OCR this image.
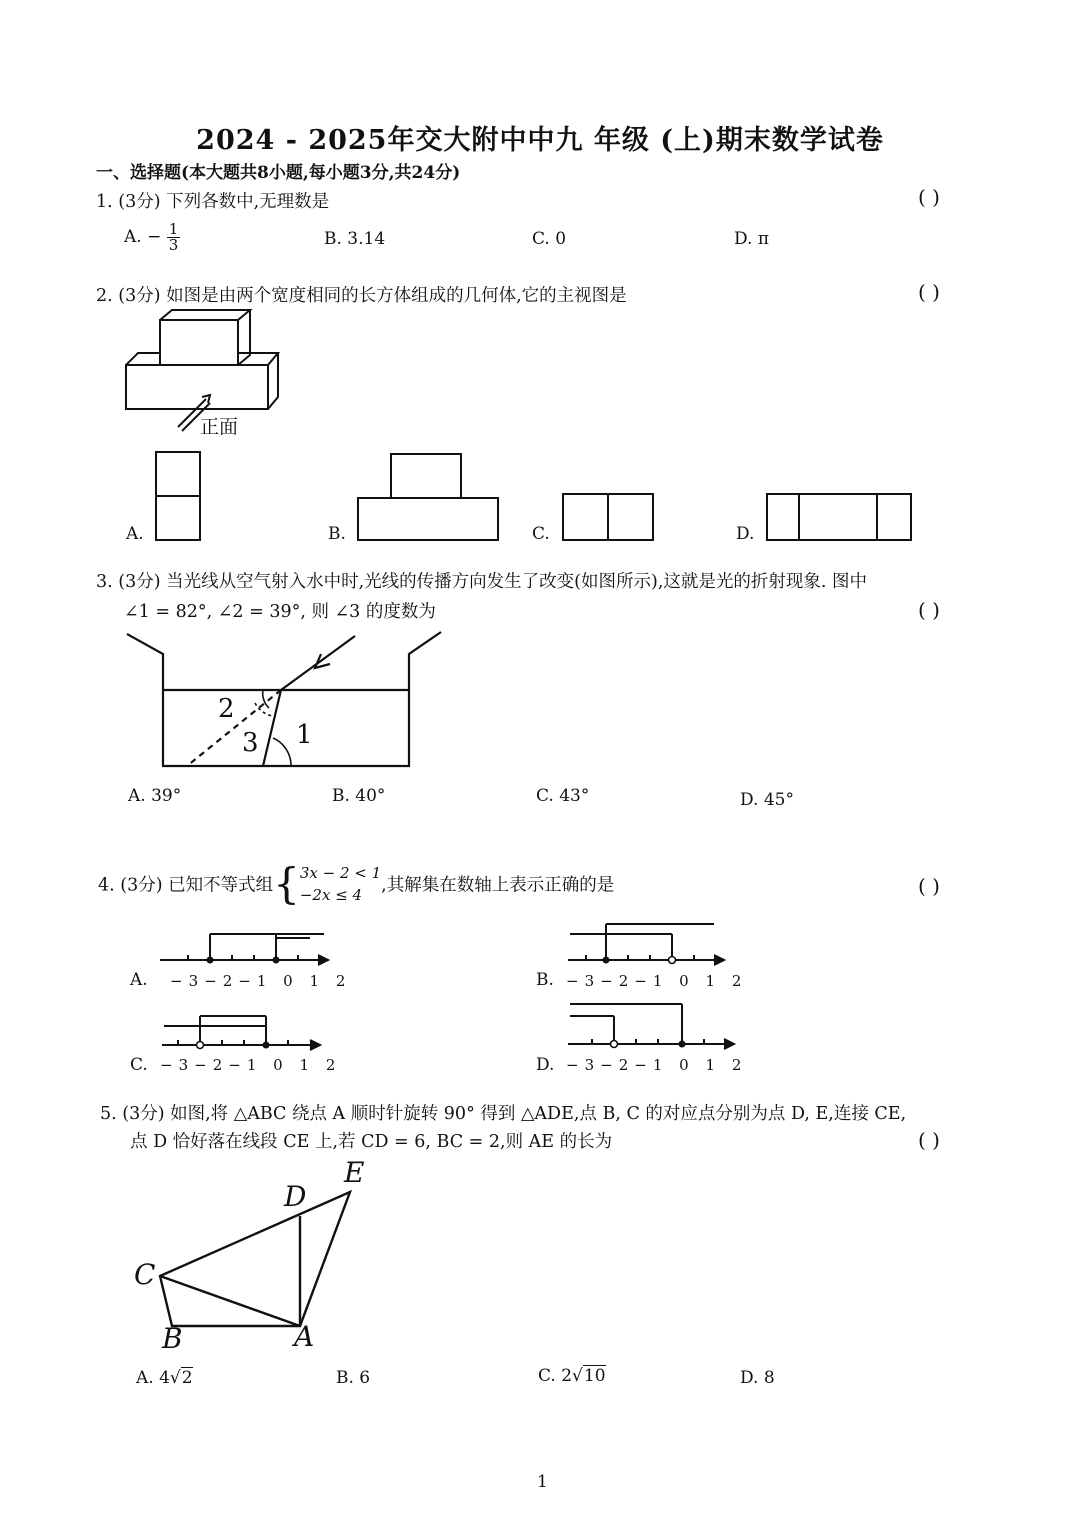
2024 - 2025年交大附中中九 年级 (上)期末数学试卷
一、选择题(本大题共8小题,每小题3分,共24分)
1. (3分) 下列各数中,无理数是	( )
A. − $\frac{1}{3}$	B. 3.14	C. 0	D. π
2. (3分) 如图是由两个宽度相同的长方体组成的几何体,它的主视图是	( )
正面
A.	B.	C.	D.
3. (3分) 当光线从空气射入水中时,光线的传播方向发生了改变(如图所示),这就是光的折射现象. 图中
∠1 = 82°, ∠2 = 39°, 则 ∠3 的度数为	( )
2
3 1
A. 39°	B. 40°	C. 43°	D. 45°
4. (3分) 已知不等式组{ 3x − 2 < 1
−2x ≤ 4	,其解集在数轴上表示正确的是	( )
A. −3−2−1 0 1 2	B. −3−2−1 0 1 2
C. −3−2−1 0 1 2	D. −3−2−1 0 1 2
5. (3分) 如图,将 △ABC 绕点 A 顺时针旋转 90° 得到 △ADE,点 B, C 的对应点分别为点 D, E,连接 CE,
点 D 恰好落在线段 CE 上,若 CD = 6, BC = 2,则 AE 的长为	( )
E
D
C
B	A
A. 4√2	B. 6	C. 2√10	D. 8
1
